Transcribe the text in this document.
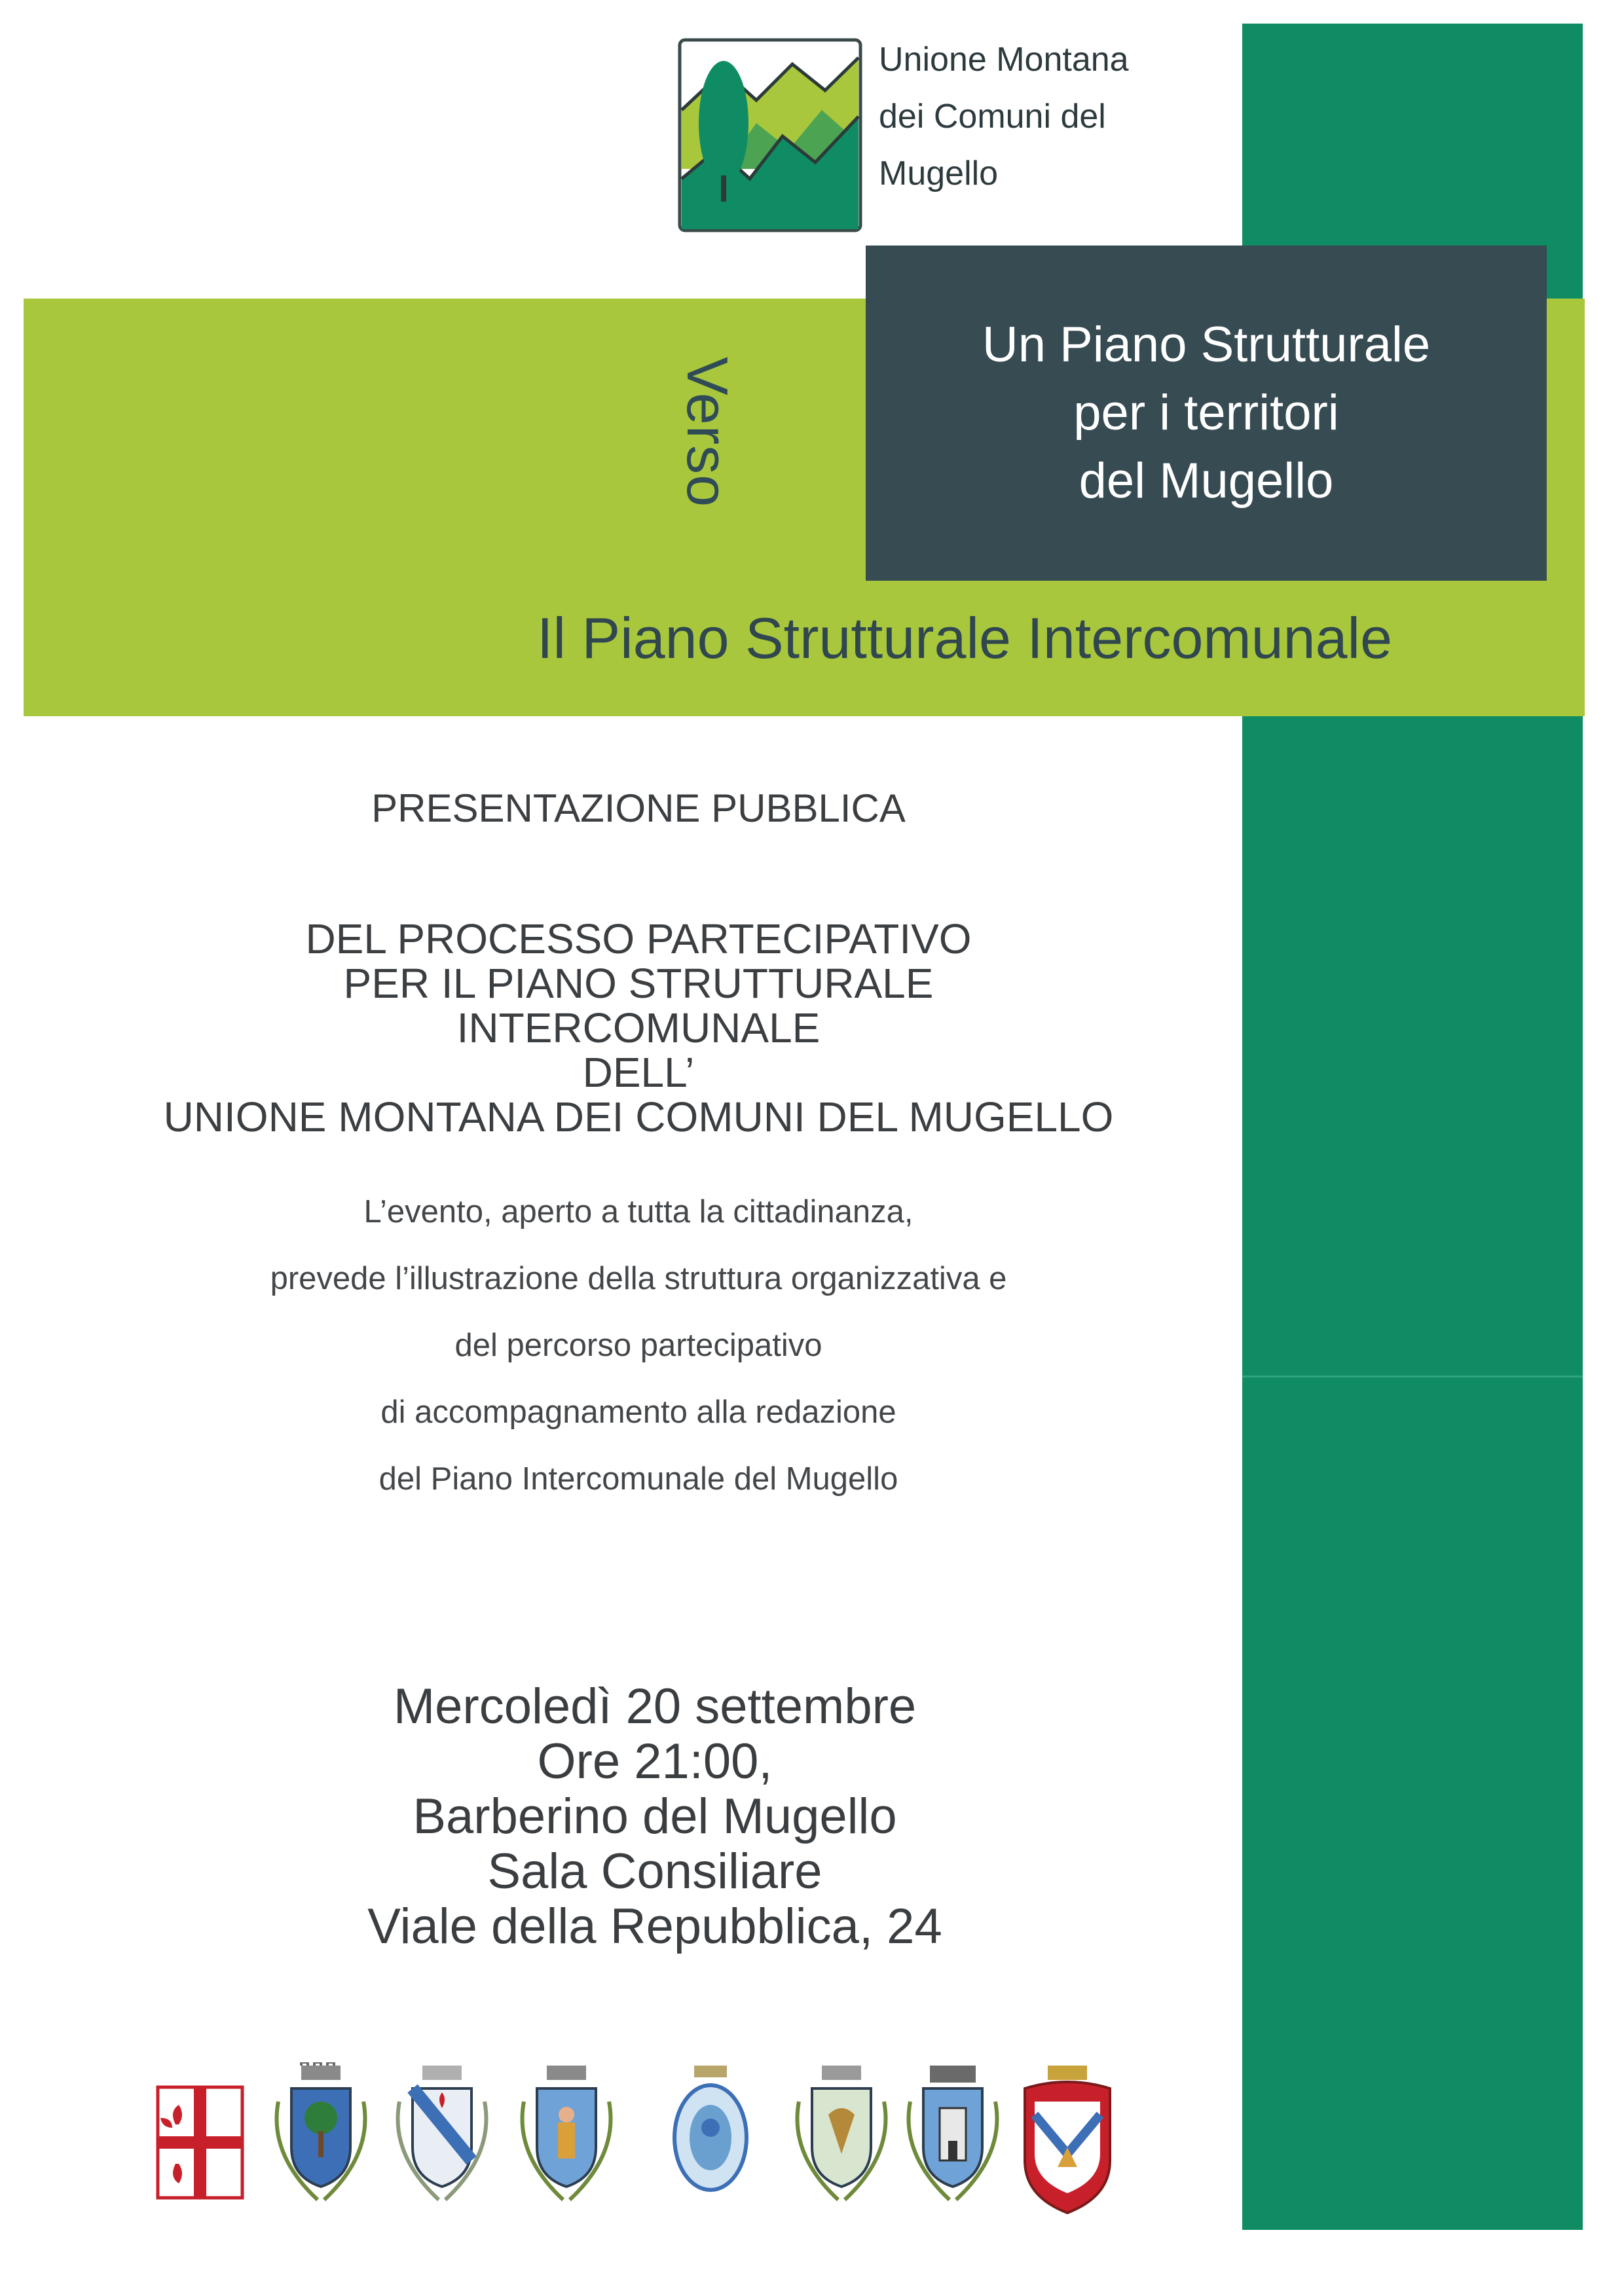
Unione Montana
dei Comuni del
Mugello
Verso
Un Piano Strutturale
per i territori
del Mugello
Il Piano Strutturale Intercomunale
PRESENTAZIONE PUBBLICA
DEL PROCESSO PARTECIPATIVO
PER IL PIANO STRUTTURALE
INTERCOMUNALE
DELL’
UNIONE MONTANA DEI COMUNI DEL MUGELLO
L’evento, aperto a tutta la cittadinanza,
prevede l’illustrazione della struttura organizzativa e
del percorso partecipativo
di accompagnamento alla redazione
del Piano Intercomunale del Mugello
Mercoledì 20 settembre
Ore 21:00,
Barberino del Mugello
Sala Consiliare
Viale della Repubblica, 24
